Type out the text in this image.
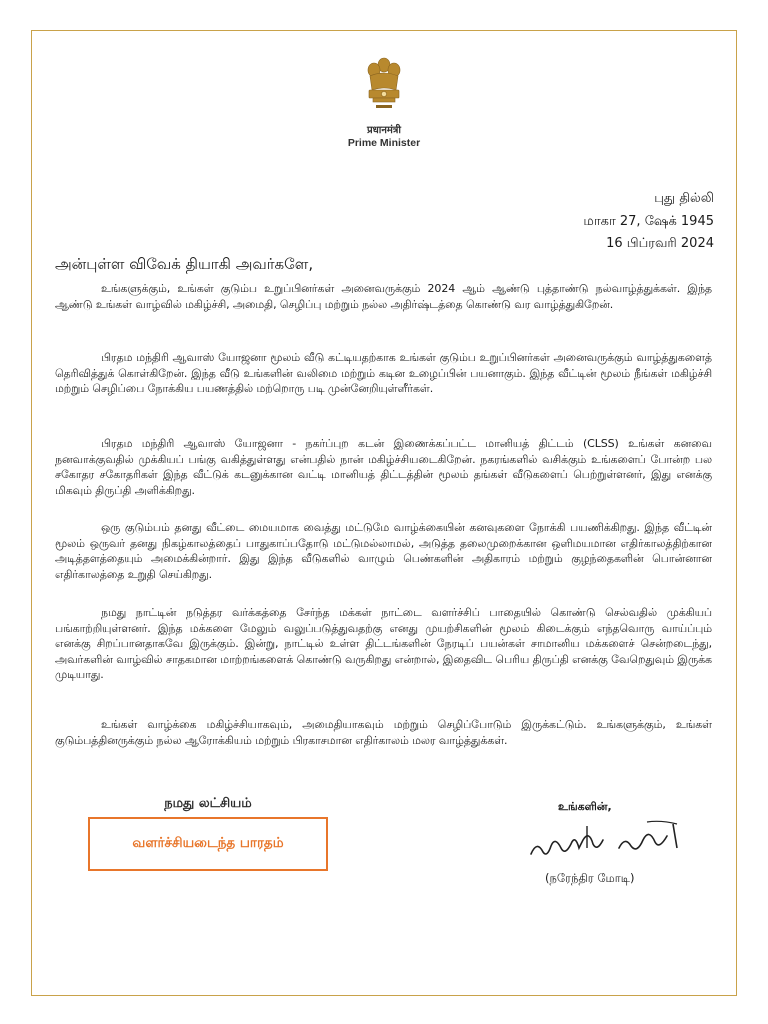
प्रधानमंत्री
Prime Minister
புது தில்லி
மாகா 27, ஷேக் 1945
16 பிப்ரவரி 2024
அன்புள்ள விவேக் தியாகி அவர்களே,

உங்களுக்கும், உங்கள் குடும்ப உறுப்பினர்கள் அனைவருக்கும் 2024 ஆம் ஆண்டு புத்தாண்டு நல்வாழ்த்துக்கள். இந்த ஆண்டு உங்கள் வாழ்வில் மகிழ்ச்சி, அமைதி, செழிப்பு மற்றும் நல்ல அதிர்ஷ்டத்தை கொண்டு வர வாழ்த்துகிறேன்.

பிரதம மந்திரி ஆவாஸ் யோஜனா மூலம் வீடு கட்டியதற்காக உங்கள் குடும்ப உறுப்பினர்கள் அனைவருக்கும் வாழ்த்துகளைத் தெரிவித்துக் கொள்கிறேன். இந்த வீடு உங்களின் வலிமை மற்றும் கடின உழைப்பின் பயனாகும். இந்த வீட்டின் மூலம் நீங்கள் மகிழ்ச்சி மற்றும் செழிப்பை நோக்கிய பயணத்தில் மற்றொரு படி முன்னேறியுள்ளீர்கள்.

பிரதம மந்திரி ஆவாஸ் யோஜனா - நகர்ப்புற கடன் இணைக்கப்பட்ட மானியத் திட்டம் (CLSS) உங்கள் கனவை நனவாக்குவதில் முக்கியப் பங்கு வகித்துள்ளது என்பதில் நான் மகிழ்ச்சியடைகிறேன். நகரங்களில் வசிக்கும் உங்களைப் போன்ற பல சகோதர சகோதரிகள் இந்த வீட்டுக் கடனுக்கான வட்டி மானியத் திட்டத்தின் மூலம் தங்கள் வீடுகளைப் பெற்றுள்ளனர், இது எனக்கு மிகவும் திருப்தி அளிக்கிறது.

ஒரு குடும்பம் தனது வீட்டை மையமாக வைத்து மட்டுமே வாழ்க்கையின் கனவுகளை நோக்கி பயணிக்கிறது. இந்த வீட்டின் மூலம் ஒருவர் தனது நிகழ்காலத்தைப் பாதுகாப்பதோடு மட்டுமல்லாமல், அடுத்த தலைமுறைக்கான ஒளிமயமான எதிர்காலத்திற்கான அடித்தளத்தையும் அமைக்கின்றார். இது இந்த வீடுகளில் வாழும் பெண்களின் அதிகாரம் மற்றும் குழந்தைகளின் பொன்னான எதிர்காலத்தை உறுதி செய்கிறது.

நமது நாட்டின் நடுத்தர வர்க்கத்தை சேர்ந்த மக்கள் நாட்டை வளர்ச்சிப் பாதையில் கொண்டு செல்வதில் முக்கியப் பங்காற்றியுள்ளனர். இந்த மக்களை மேலும் வலுப்படுத்துவதற்கு எனது முயற்சிகளின் மூலம் கிடைக்கும் எந்தவொரு வாய்ப்பும் எனக்கு சிறப்பானதாகவே இருக்கும். இன்று, நாட்டில் உள்ள திட்டங்களின் நேரடிப் பயன்கள் சாமானிய மக்களைச் சென்றடைந்து, அவர்களின் வாழ்வில் சாதகமான மாற்றங்களைக் கொண்டு வருகிறது என்றால், இதைவிட பெரிய திருப்தி எனக்கு வேறெதுவும் இருக்க முடியாது.

உங்கள் வாழ்க்கை மகிழ்ச்சியாகவும், அமைதியாகவும் மற்றும் செழிப்போடும் இருக்கட்டும். உங்களுக்கும், உங்கள் குடும்பத்தினருக்கும் நல்ல ஆரோக்கியம் மற்றும் பிரகாசமான எதிர்காலம் மலர வாழ்த்துக்கள்.

நமது லட்சியம்
வளர்ச்சியடைந்த பாரதம்
உங்களின்,
(நரேந்திர மோடி)
